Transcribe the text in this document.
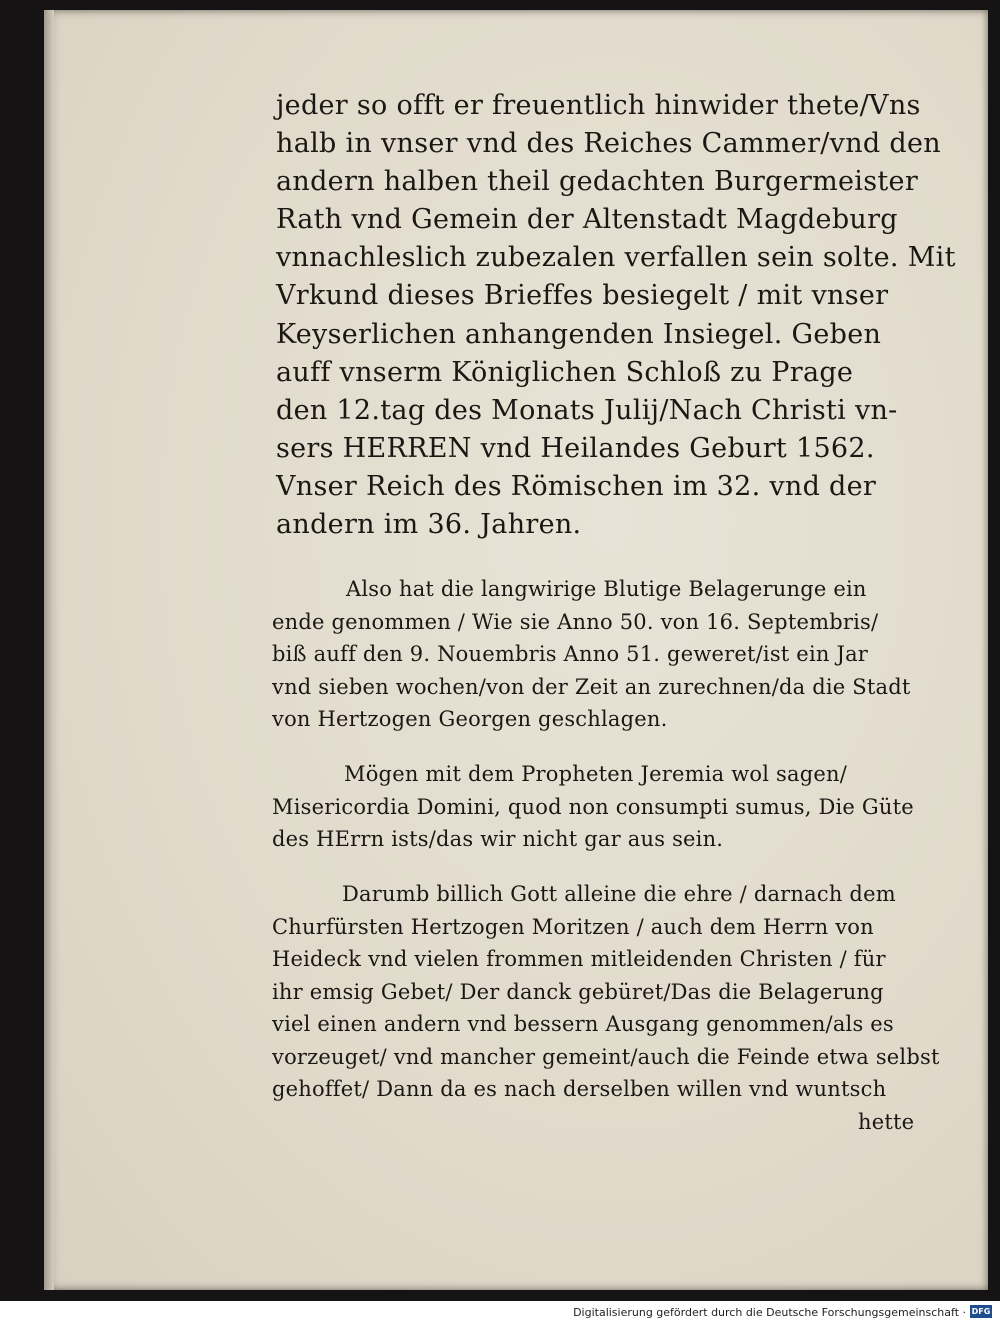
jeder so offt er freuentlich hinwider thete/Vns
halb in vnser vnd des Reiches Cammer/vnd den
andern halben theil gedachten Burgermeister
Rath vnd Gemein der Altenstadt Magdeburg
vnnachleslich zubezalen verfallen sein solte. Mit
Vrkund dieses Brieffes besiegelt / mit vnser
Keyserlichen anhangenden Insiegel. Geben
auff vnserm Königlichen Schloß zu Prage
den 12.tag des Monats Julij/Nach Christi vn-
sers HERREN vnd Heilandes Geburt 1562.
Vnser Reich des Römischen im 32. vnd der
andern im 36. Jahren.
Also hat die langwirige Blutige Belagerunge ein
ende genommen / Wie sie Anno 50. von 16. Septembris/
biß auff den 9. Nouembris Anno 51. geweret/ist ein Jar
vnd sieben wochen/von der Zeit an zurechnen/da die Stadt
von Hertzogen Georgen geschlagen.
Mögen mit dem Propheten Jeremia wol sagen/
Misericordia Domini, quod non consumpti sumus, Die Güte
des HErrn ists/das wir nicht gar aus sein.
Darumb billich Gott alleine die ehre / darnach dem
Churfürsten Hertzogen Moritzen / auch dem Herrn von
Heideck vnd vielen frommen mitleidenden Christen / für
ihr emsig Gebet/ Der danck gebüret/Das die Belagerung
viel einen andern vnd bessern Ausgang genommen/als es
vorzeuget/ vnd mancher gemeint/auch die Feinde etwa selbst
gehoffet/ Dann da es nach derselben willen vnd wuntsch
hette
Digitalisierung gefördert durch die Deutsche Forschungsgemeinschaft · DFG
